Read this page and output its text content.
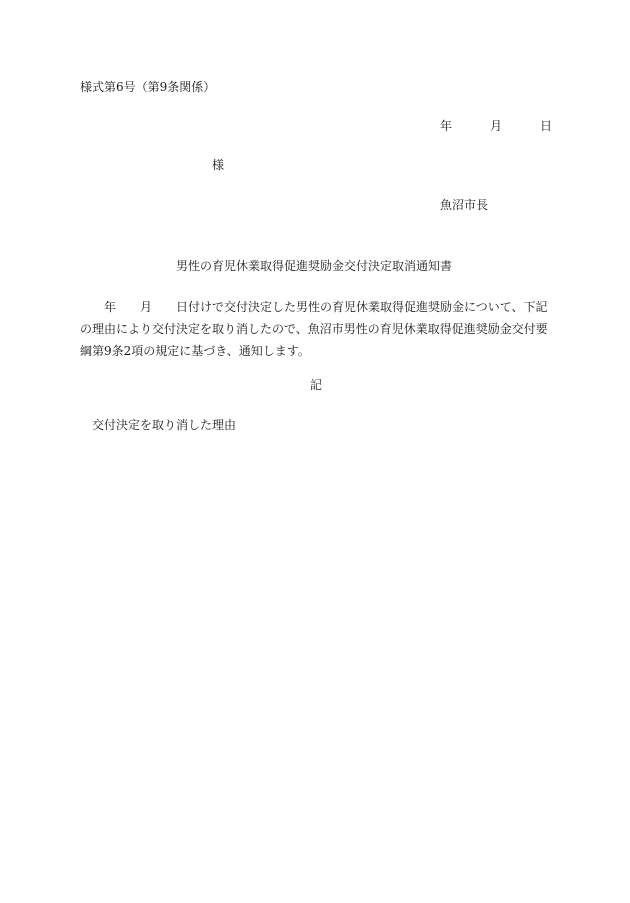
様式第6号（第9条関係）
年	月	日
様
魚沼市長
男性の育児休業取得促進奨励金交付決定取消通知書
年 月 日付けで交付決定した男性の育児休業取得促進奨励金について、下記の理由により交付決定を取り消したので、魚沼市男性の育児休業取得促進奨励金交付要綱第9条2項の規定に基づき、通知します。
記
交付決定を取り消した理由
